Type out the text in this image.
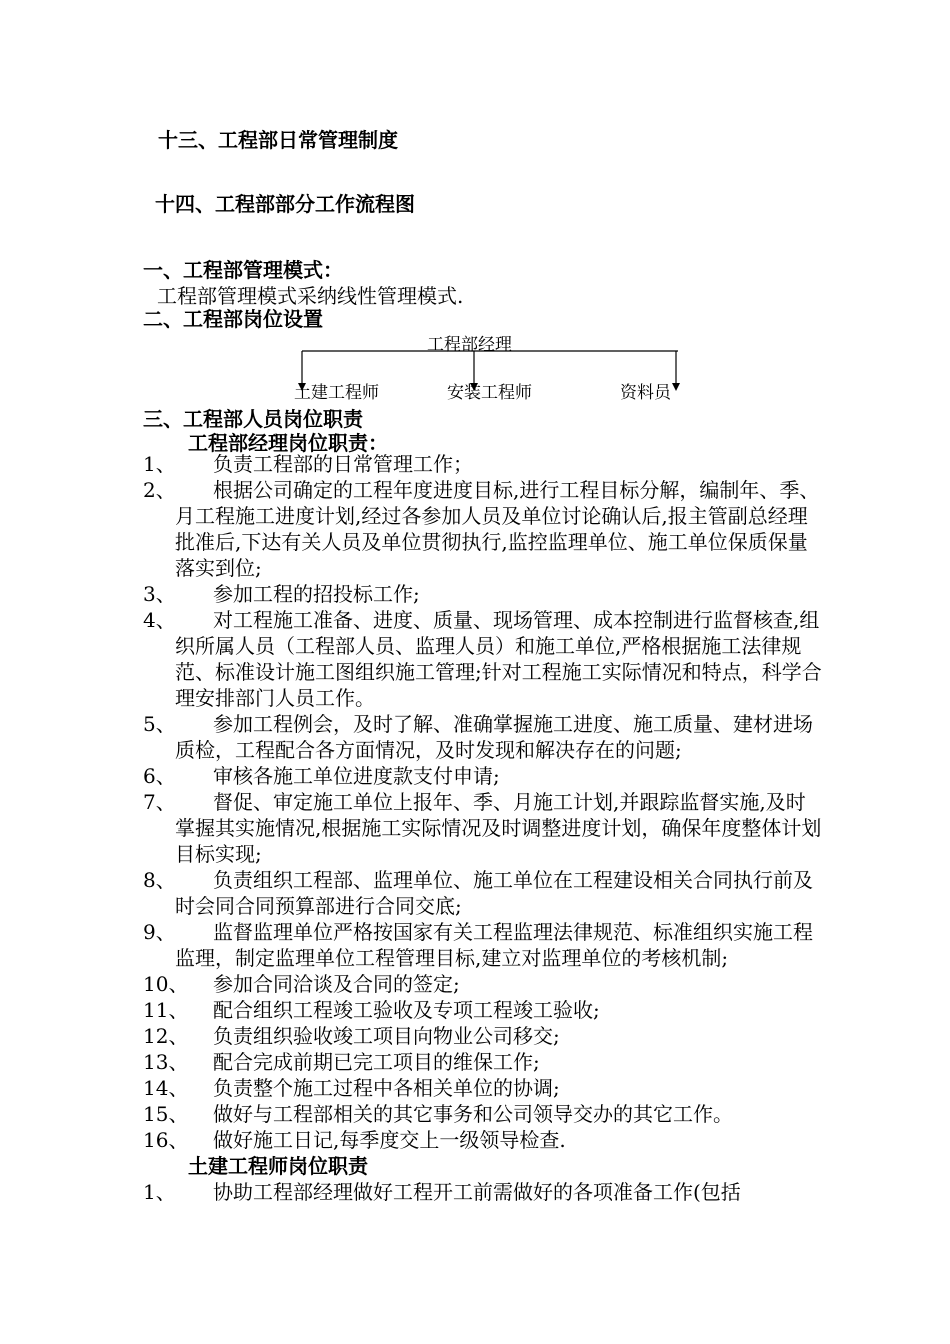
十三、工程部日常管理制度
十四、工程部部分工作流程图
一、工程部管理模式：
工程部管理模式采纳线性管理模式.
二、工程部岗位设置
工程部经理
土建工程师	安装工程师	资料员
三、工程部人员岗位职责
工程部经理岗位职责：
1、	负责工程部的日常管理工作；
2、	根据公司确定的工程年度进度目标,进行工程目标分解，编制年、季、月工程施工进度计划,经过各参加人员及单位讨论确认后,报主管副总经理批准后,下达有关人员及单位贯彻执行,监控监理单位、施工单位保质保量落实到位;
3、	参加工程的招投标工作;
4、	对工程施工准备、进度、质量、现场管理、成本控制进行监督核查,组织所属人员（工程部人员、监理人员）和施工单位,严格根据施工法律规范、标准设计施工图组织施工管理;针对工程施工实际情况和特点，科学合理安排部门人员工作。
5、	参加工程例会，及时了解、准确掌握施工进度、施工质量、建材进场质检，工程配合各方面情况，及时发现和解决存在的问题;
6、	审核各施工单位进度款支付申请;
7、	督促、审定施工单位上报年、季、月施工计划,并跟踪监督实施,及时掌握其实施情况,根据施工实际情况及时调整进度计划，确保年度整体计划目标实现;
8、	负责组织工程部、监理单位、施工单位在工程建设相关合同执行前及时会同合同预算部进行合同交底;
9、	监督监理单位严格按国家有关工程监理法律规范、标准组织实施工程监理，制定监理单位工程管理目标,建立对监理单位的考核机制;
10、	参加合同洽谈及合同的签定;
11、	配合组织工程竣工验收及专项工程竣工验收;
12、	负责组织验收竣工项目向物业公司移交;
13、	配合完成前期已完工项目的维保工作;
14、	负责整个施工过程中各相关单位的协调;
15、	做好与工程部相关的其它事务和公司领导交办的其它工作。
16、	做好施工日记,每季度交上一级领导检查.
土建工程师岗位职责
1、	协助工程部经理做好工程开工前需做好的各项准备工作(包括
